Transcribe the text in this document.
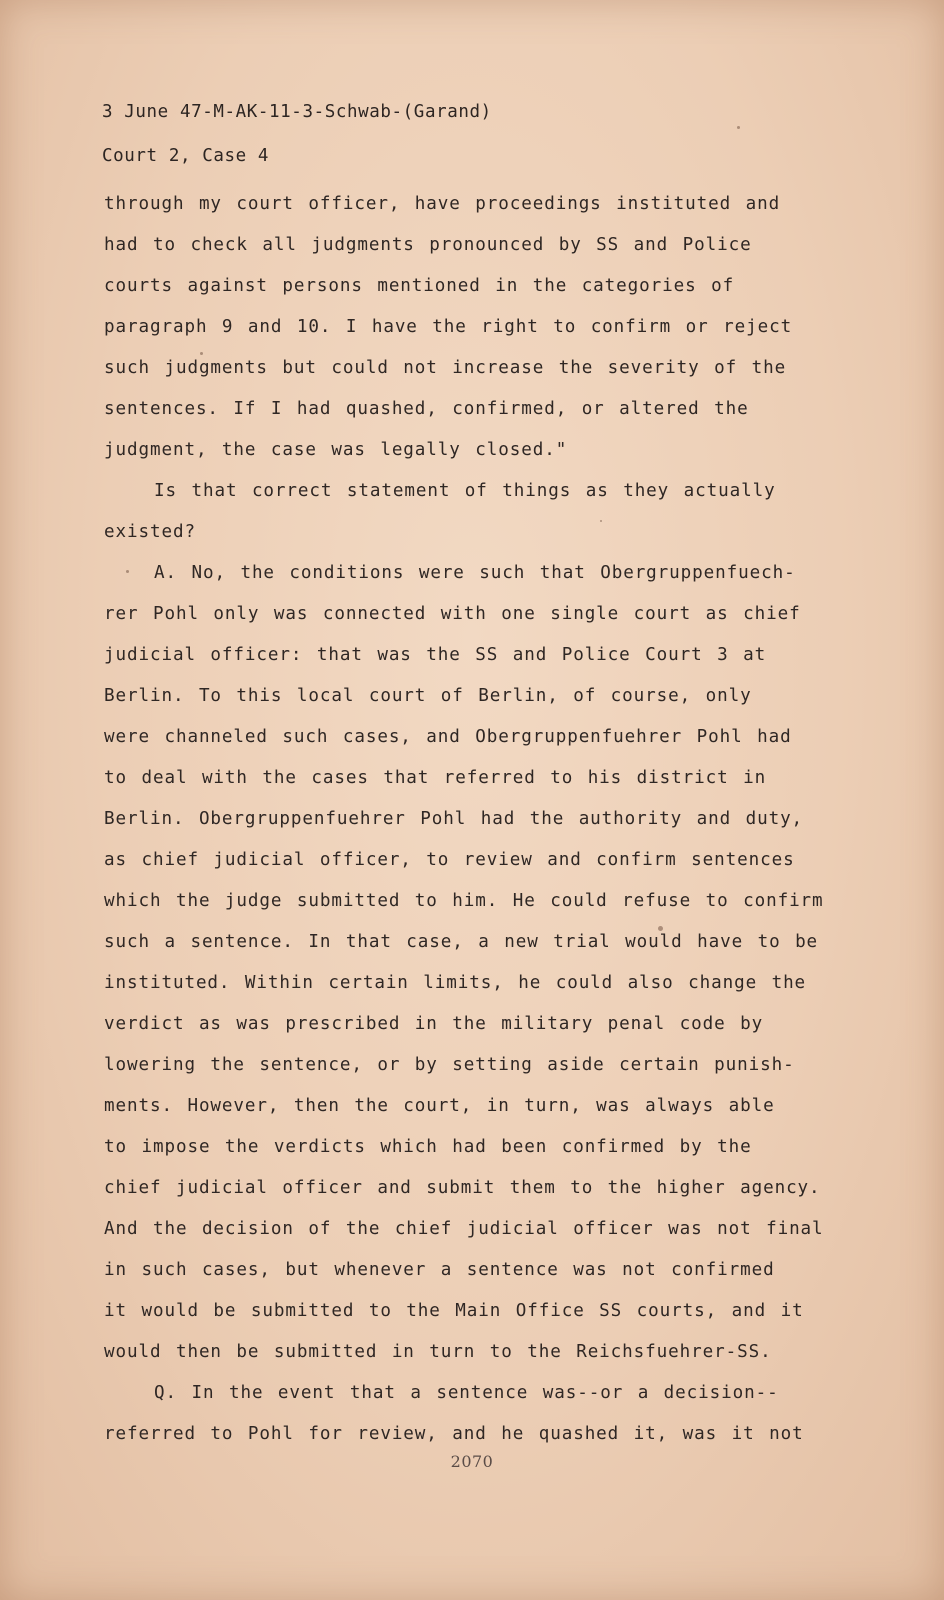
3 June 47-M-AK-11-3-Schwab-(Garand)
Court 2, Case 4
through my court officer, have proceedings instituted and
had to check all judgments pronounced by SS and Police
courts against persons mentioned in the categories of
paragraph 9 and 10. I have the right to confirm or reject
such judgments but could not increase the severity of the
sentences. If I had quashed, confirmed, or altered the
judgment, the case was legally closed."
Is that correct statement of things as they actually
existed?
A. No, the conditions were such that Obergruppenfuech-
rer Pohl only was connected with one single court as chief
judicial officer: that was the SS and Police Court 3 at
Berlin. To this local court of Berlin, of course, only
were channeled such cases, and Obergruppenfuehrer Pohl had
to deal with the cases that referred to his district in
Berlin. Obergruppenfuehrer Pohl had the authority and duty,
as chief judicial officer, to review and confirm sentences
which the judge submitted to him. He could refuse to confirm
such a sentence. In that case, a new trial would have to be
instituted. Within certain limits, he could also change the
verdict as was prescribed in the military penal code by
lowering the sentence, or by setting aside certain punish-
ments. However, then the court, in turn, was always able
to impose the verdicts which had been confirmed by the
chief judicial officer and submit them to the higher agency.
And the decision of the chief judicial officer was not final
in such cases, but whenever a sentence was not confirmed
it would be submitted to the Main Office SS courts, and it
would then be submitted in turn to the Reichsfuehrer-SS.
Q. In the event that a sentence was--or a decision--
referred to Pohl for review, and he quashed it, was it not
2070
